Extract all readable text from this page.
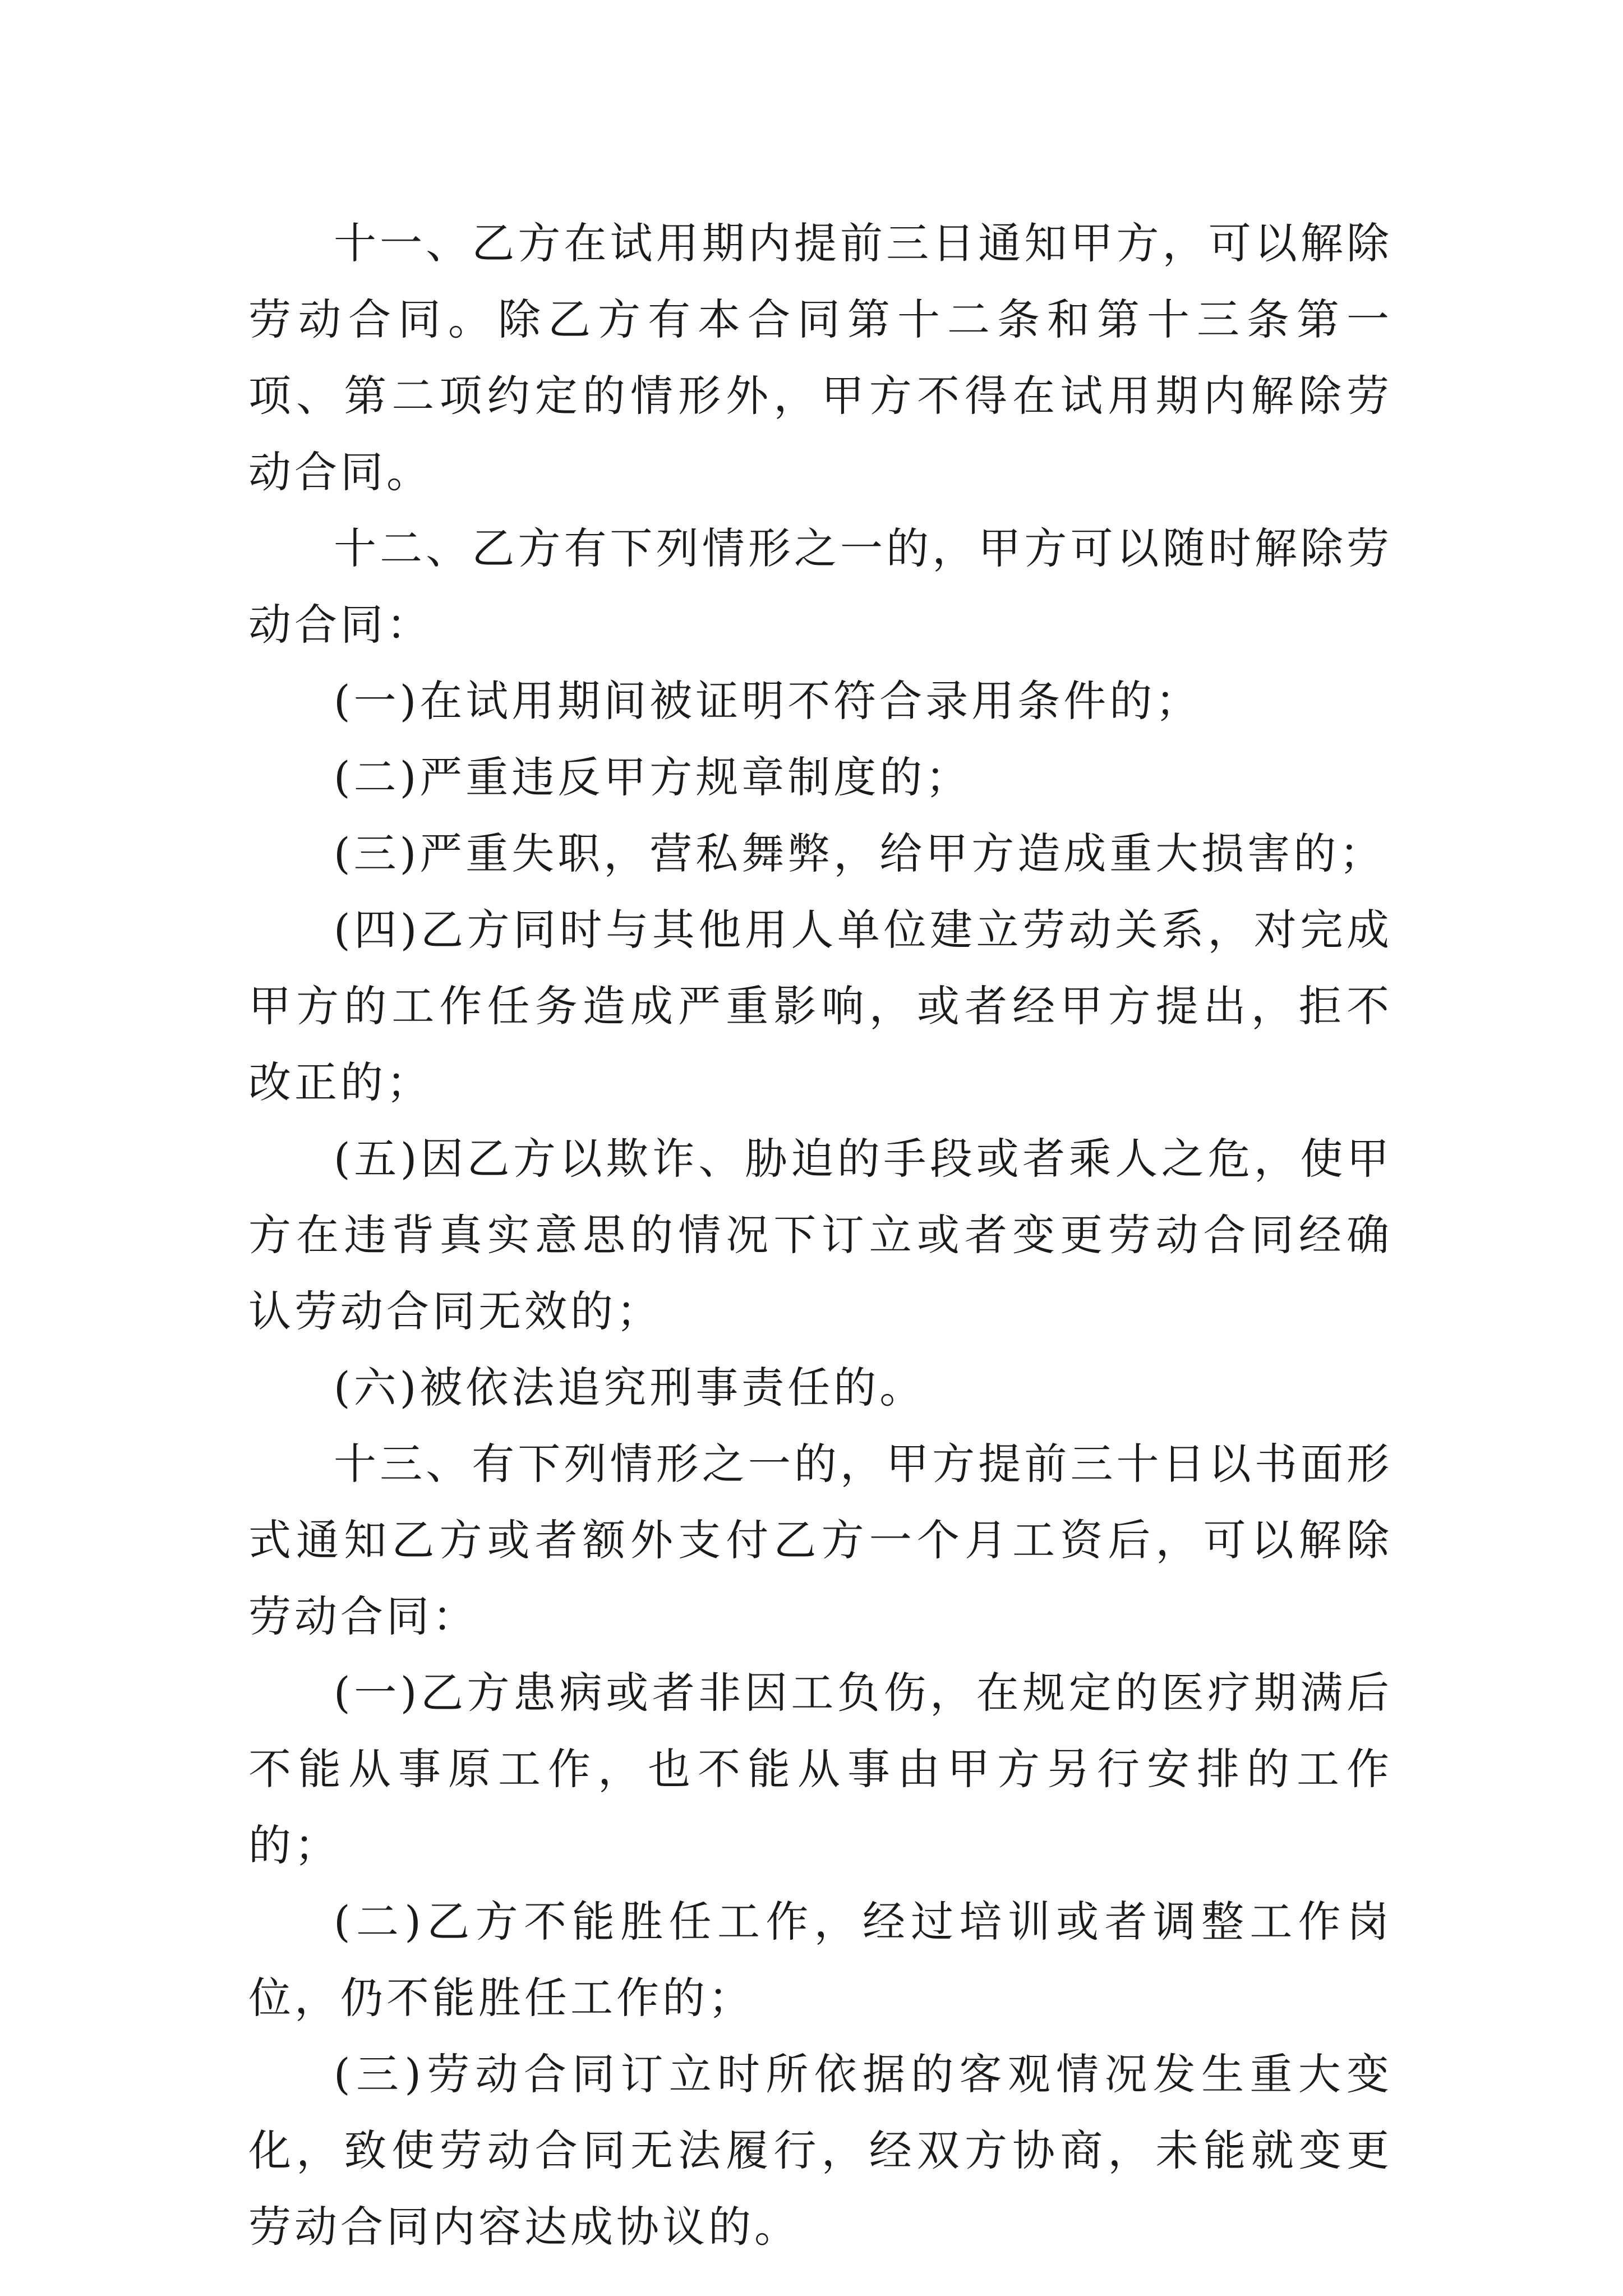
十一、乙方在试用期内提前三日通知甲方，可以解除劳动合同。除乙方有本合同第十二条和第十三条第一项、第二项约定的情形外，甲方不得在试用期内解除劳动合同。

十二、乙方有下列情形之一的，甲方可以随时解除劳动合同：

(一)在试用期间被证明不符合录用条件的；

(二)严重违反甲方规章制度的；

(三)严重失职，营私舞弊，给甲方造成重大损害的；

(四)乙方同时与其他用人单位建立劳动关系，对完成甲方的工作任务造成严重影响，或者经甲方提出，拒不改正的；

(五)因乙方以欺诈、胁迫的手段或者乘人之危，使甲方在违背真实意思的情况下订立或者变更劳动合同经确认劳动合同无效的；

(六)被依法追究刑事责任的。

十三、有下列情形之一的，甲方提前三十日以书面形式通知乙方或者额外支付乙方一个月工资后，可以解除劳动合同：

(一)乙方患病或者非因工负伤，在规定的医疗期满后不能从事原工作，也不能从事由甲方另行安排的工作的；

(二)乙方不能胜任工作，经过培训或者调整工作岗位，仍不能胜任工作的；

(三)劳动合同订立时所依据的客观情况发生重大变化，致使劳动合同无法履行，经双方协商，未能就变更劳动合同内容达成协议的。
